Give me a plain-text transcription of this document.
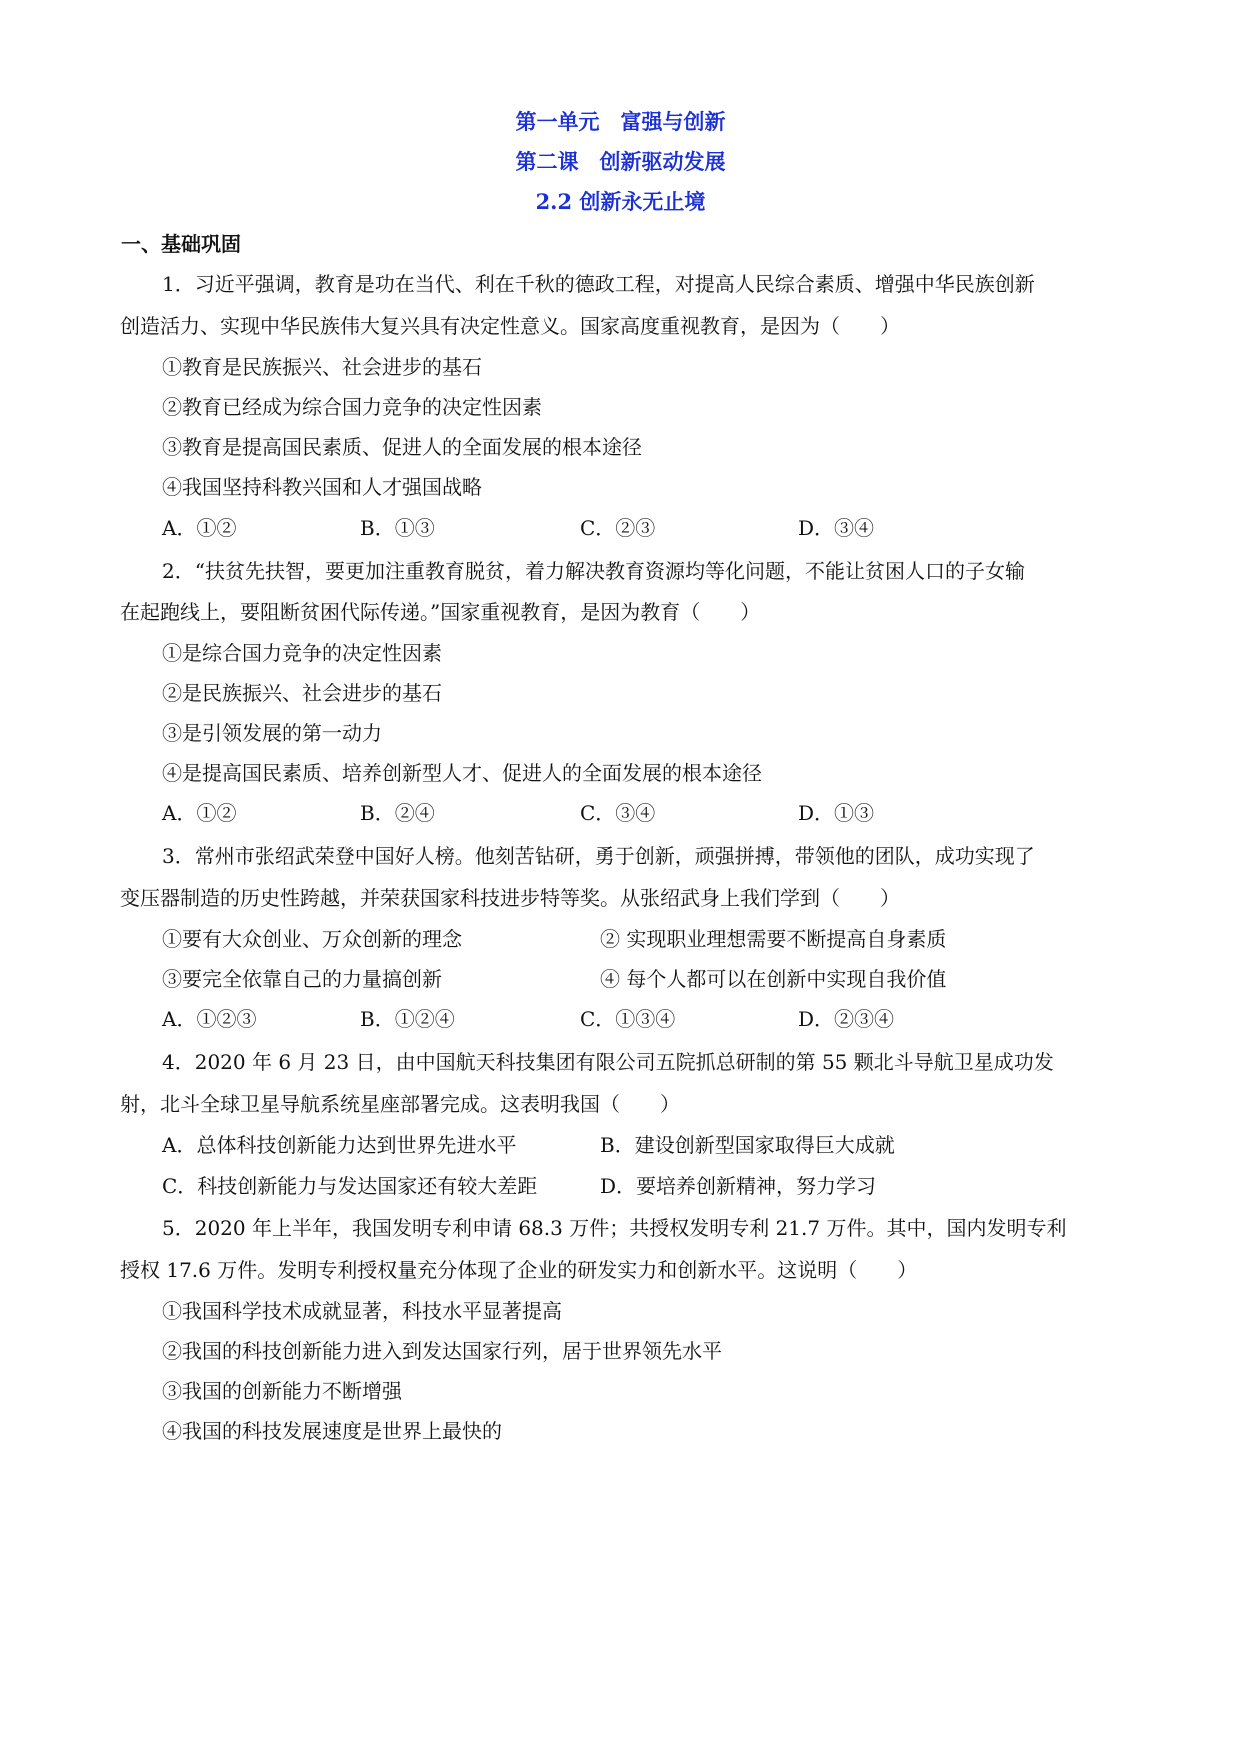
第一单元　富强与创新
第二课　创新驱动发展
2.2 创新永无止境
一、基础巩固
1．习近平强调，教育是功在当代、利在千秋的德政工程，对提高人民综合素质、增强中华民族创新
创造活力、实现中华民族伟大复兴具有决定性意义。国家高度重视教育，是因为（　　）
①教育是民族振兴、社会进步的基石
②教育已经成为综合国力竞争的决定性因素
③教育是提高国民素质、促进人的全面发展的根本途径
④我国坚持科教兴国和人才强国战略
A．①②	B．①③	C．②③	D．③④
2．“扶贫先扶智，要更加注重教育脱贫，着力解决教育资源均等化问题，不能让贫困人口的子女输
在起跑线上，要阻断贫困代际传递。”国家重视教育，是因为教育（　　）
①是综合国力竞争的决定性因素
②是民族振兴、社会进步的基石
③是引领发展的第一动力
④是提高国民素质、培养创新型人才、促进人的全面发展的根本途径
A．①②	B．②④	C．③④	D．①③
3．常州市张绍武荣登中国好人榜。他刻苦钻研，勇于创新，顽强拼搏，带领他的团队，成功实现了
变压器制造的历史性跨越，并荣获国家科技进步特等奖。从张绍武身上我们学到（　　）
①要有大众创业、万众创新的理念	② 实现职业理想需要不断提高自身素质
③要完全依靠自己的力量搞创新	④ 每个人都可以在创新中实现自我价值
A．①②③	B．①②④	C．①③④	D．②③④
4．2020 年 6 月 23 日，由中国航天科技集团有限公司五院抓总研制的第 55 颗北斗导航卫星成功发
射，北斗全球卫星导航系统星座部署完成。这表明我国（　　）
A．总体科技创新能力达到世界先进水平	B．建设创新型国家取得巨大成就
C．科技创新能力与发达国家还有较大差距	D．要培养创新精神，努力学习
5．2020 年上半年，我国发明专利申请 68.3 万件；共授权发明专利 21.7 万件。其中，国内发明专利
授权 17.6 万件。发明专利授权量充分体现了企业的研发实力和创新水平。这说明（　　）
①我国科学技术成就显著，科技水平显著提高
②我国的科技创新能力进入到发达国家行列，居于世界领先水平
③我国的创新能力不断增强
④我国的科技发展速度是世界上最快的
